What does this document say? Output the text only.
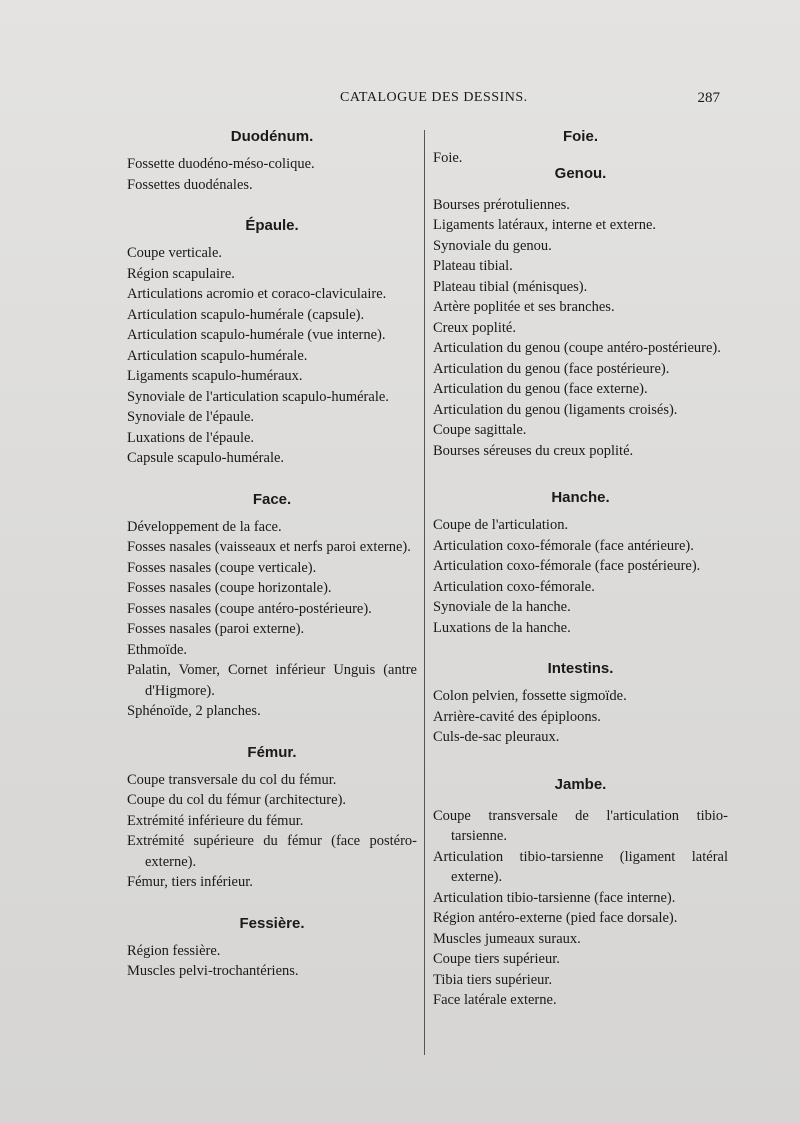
CATALOGUE DES DESSINS.	287
Duodénum.
Fossette duodéno-méso-colique.
Fossettes duodénales.
Épaule.
Coupe verticale.
Région scapulaire.
Articulations acromio et coraco-claviculaire.
Articulation scapulo-humérale (capsule).
Articulation scapulo-humérale (vue interne).
Articulation scapulo-humérale.
Ligaments scapulo-huméraux.
Synoviale de l'articulation scapulo-humérale.
Synoviale de l'épaule.
Luxations de l'épaule.
Capsule scapulo-humérale.
Face.
Développement de la face.
Fosses nasales (vaisseaux et nerfs paroi externe).
Fosses nasales (coupe verticale).
Fosses nasales (coupe horizontale).
Fosses nasales (coupe antéro-postérieure).
Fosses nasales (paroi externe).
Ethmoïde.
Palatin, Vomer, Cornet inférieur Unguis (antre d'Higmore).
Sphénoïde, 2 planches.
Fémur.
Coupe transversale du col du fémur.
Coupe du col du fémur (architecture).
Extrémité inférieure du fémur.
Extrémité supérieure du fémur (face postéro-externe).
Fémur, tiers inférieur.
Fessière.
Région fessière.
Muscles pelvi-trochantériens.
Foie.
Foie.
Genou.
Bourses prérotuliennes.
Ligaments latéraux, interne et externe.
Synoviale du genou.
Plateau tibial.
Plateau tibial (ménisques).
Artère poplitée et ses branches.
Creux poplité.
Articulation du genou (coupe antéro-postérieure).
Articulation du genou (face postérieure).
Articulation du genou (face externe).
Articulation du genou (ligaments croisés).
Coupe sagittale.
Bourses séreuses du creux poplité.
Hanche.
Coupe de l'articulation.
Articulation coxo-fémorale (face antérieure).
Articulation coxo-fémorale (face postérieure).
Articulation coxo-fémorale.
Synoviale de la hanche.
Luxations de la hanche.
Intestins.
Colon pelvien, fossette sigmoïde.
Arrière-cavité des épiploons.
Culs-de-sac pleuraux.
Jambe.
Coupe transversale de l'articulation tibio-tarsienne.
Articulation tibio-tarsienne (ligament latéral externe).
Articulation tibio-tarsienne (face interne).
Région antéro-externe (pied face dorsale).
Muscles jumeaux suraux.
Coupe tiers supérieur.
Tibia tiers supérieur.
Face latérale externe.
